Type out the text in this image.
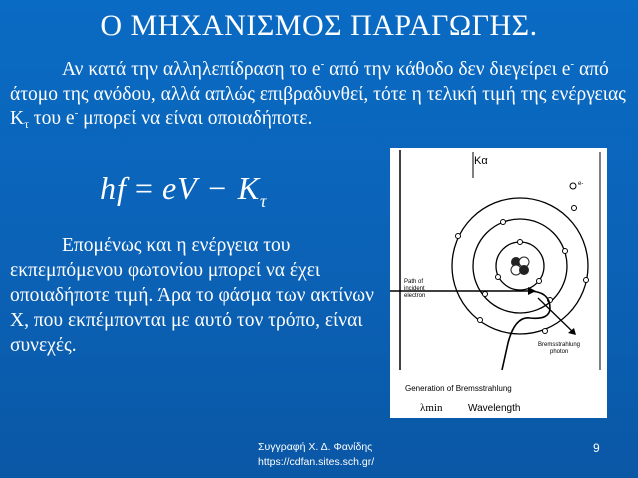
Ο ΜΗΧΑΝΙΣΜΟΣ ΠΑΡΑΓΩΓΗΣ.
Αν κατά την αλληλεπίδραση το e- από την κάθοδο δεν διεγείρει e- από άτομο της ανόδου, αλλά απλώς επιβραδυνθεί, τότε η τελική τιμή της ενέργειας $K_\tau$ του e- μπορεί να είναι οποιαδήποτε.
hf = eV − $K_\tau$
Επομένως και η ενέργεια του εκπεμπόμενου φωτονίου μπορεί να έχει οποιαδήποτε τιμή. Άρα το φάσμα των ακτίνων X, που εκπέμπονται με αυτό τον τρόπο, είναι συνεχές.
Kα
e-
Path of
incident
electron
Bremsstrahlung
photon
Generation of Bremsstrahlung
λmin	Wavelength
Συγγραφή Χ. Δ. Φανίδης
https://cdfan.sites.sch.gr/
9
